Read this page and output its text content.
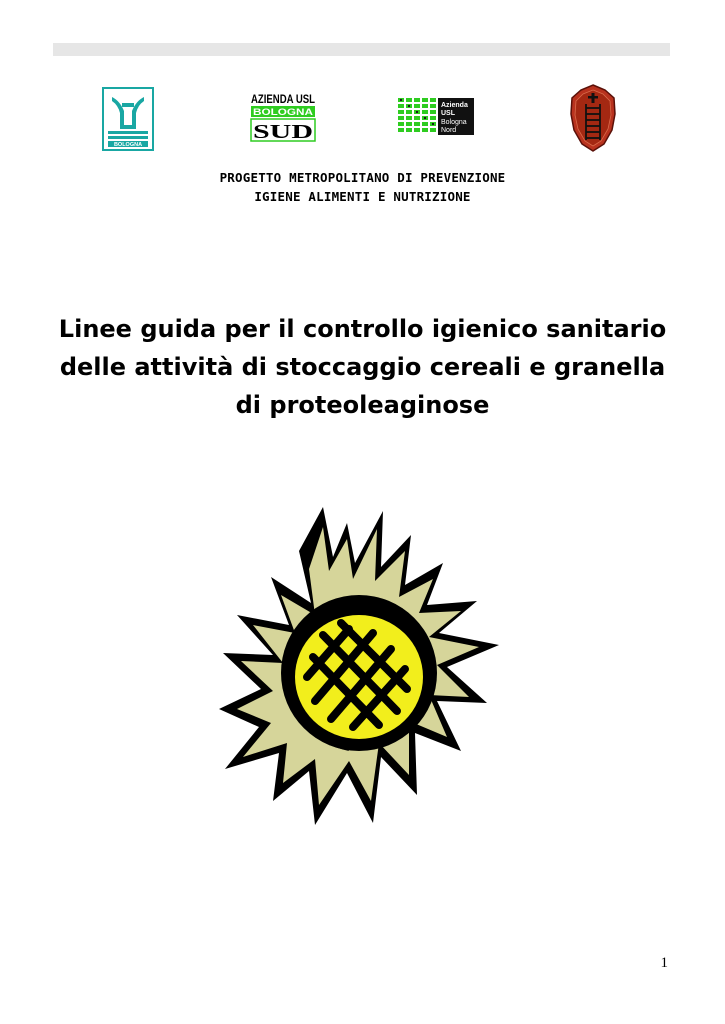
BOLOGNA
AZIENDA USL
BOLOGNA
SUD
Azienda
USL
Bologna
Nord
PROGETTO METROPOLITANO DI PREVENZIONE
IGIENE ALIMENTI E NUTRIZIONE
Linee guida per il controllo igienico sanitario
delle attività di stoccaggio cereali e granella
di proteoleaginose
1
